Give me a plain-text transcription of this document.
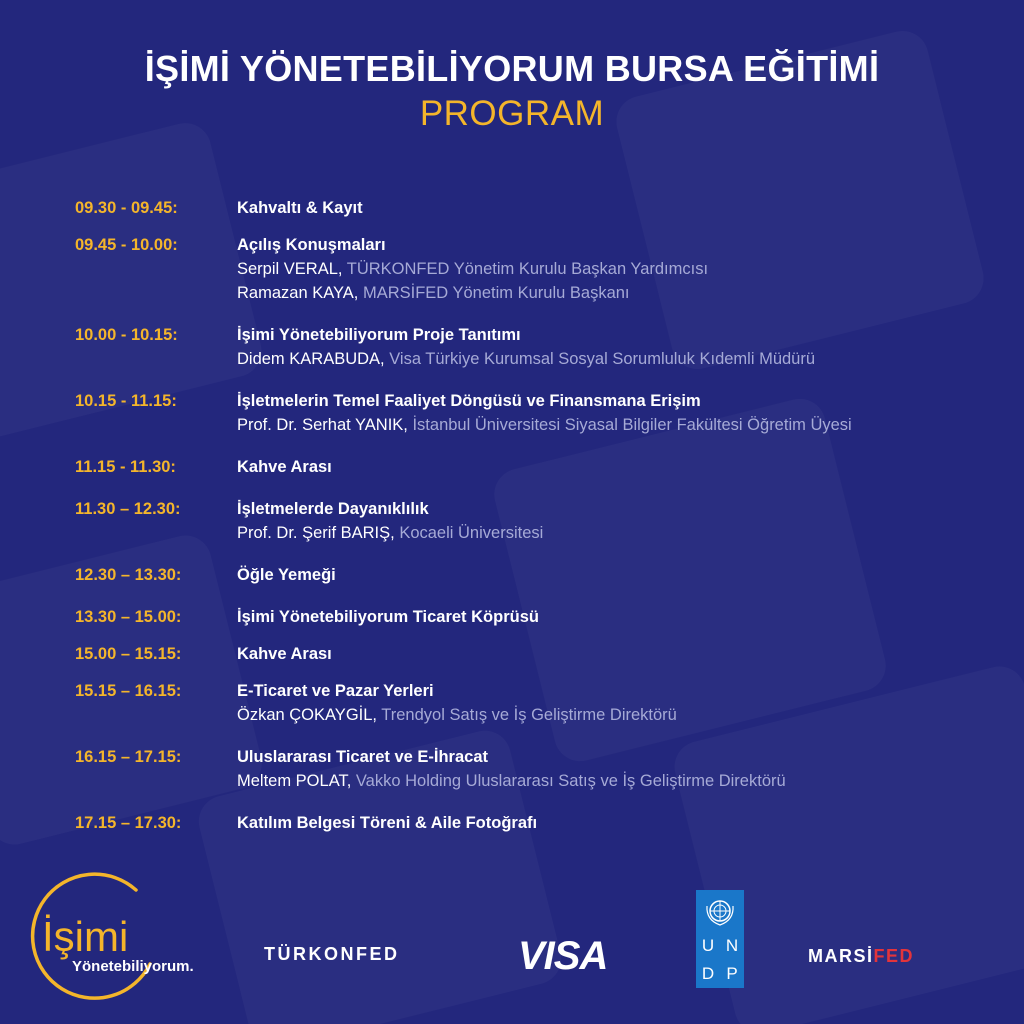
İŞİMİ YÖNETEBİLİYORUM BURSA EĞİTİMİ
PROGRAM
09.30 - 09.45:	Kahvaltı & Kayıt
09.45 - 10.00:	Açılış Konuşmaları
Serpil VERAL, TÜRKONFED Yönetim Kurulu Başkan Yardımcısı
Ramazan KAYA, MARSİFED Yönetim Kurulu Başkanı
10.00 - 10.15:	İşimi Yönetebiliyorum Proje Tanıtımı
Didem KARABUDA, Visa Türkiye Kurumsal Sosyal Sorumluluk Kıdemli Müdürü
10.15 - 11.15:	İşletmelerin Temel Faaliyet Döngüsü ve Finansmana Erişim
Prof. Dr. Serhat YANIK, İstanbul Üniversitesi Siyasal Bilgiler Fakültesi Öğretim Üyesi
11.15 - 11.30:	Kahve Arası
11.30 – 12.30:	İşletmelerde Dayanıklılık
Prof. Dr. Şerif BARIŞ, Kocaeli Üniversitesi
12.30 – 13.30:	Öğle Yemeği
13.30 – 15.00:	İşimi Yönetebiliyorum Ticaret Köprüsü
15.00 – 15.15:	Kahve Arası
15.15 – 16.15:	E-Ticaret ve Pazar Yerleri
Özkan ÇOKAYGİL, Trendyol Satış ve İş Geliştirme Direktörü
16.15 – 17.15:	Uluslararası Ticaret ve E-İhracat
Meltem POLAT, Vakko Holding Uluslararası Satış ve İş Geliştirme Direktörü
17.15 – 17.30:	Katılım Belgesi Töreni & Aile Fotoğrafı
İşimi
Yönetebiliyorum.
TÜRKONFED	VISA	U N
D P
MARSİFED
